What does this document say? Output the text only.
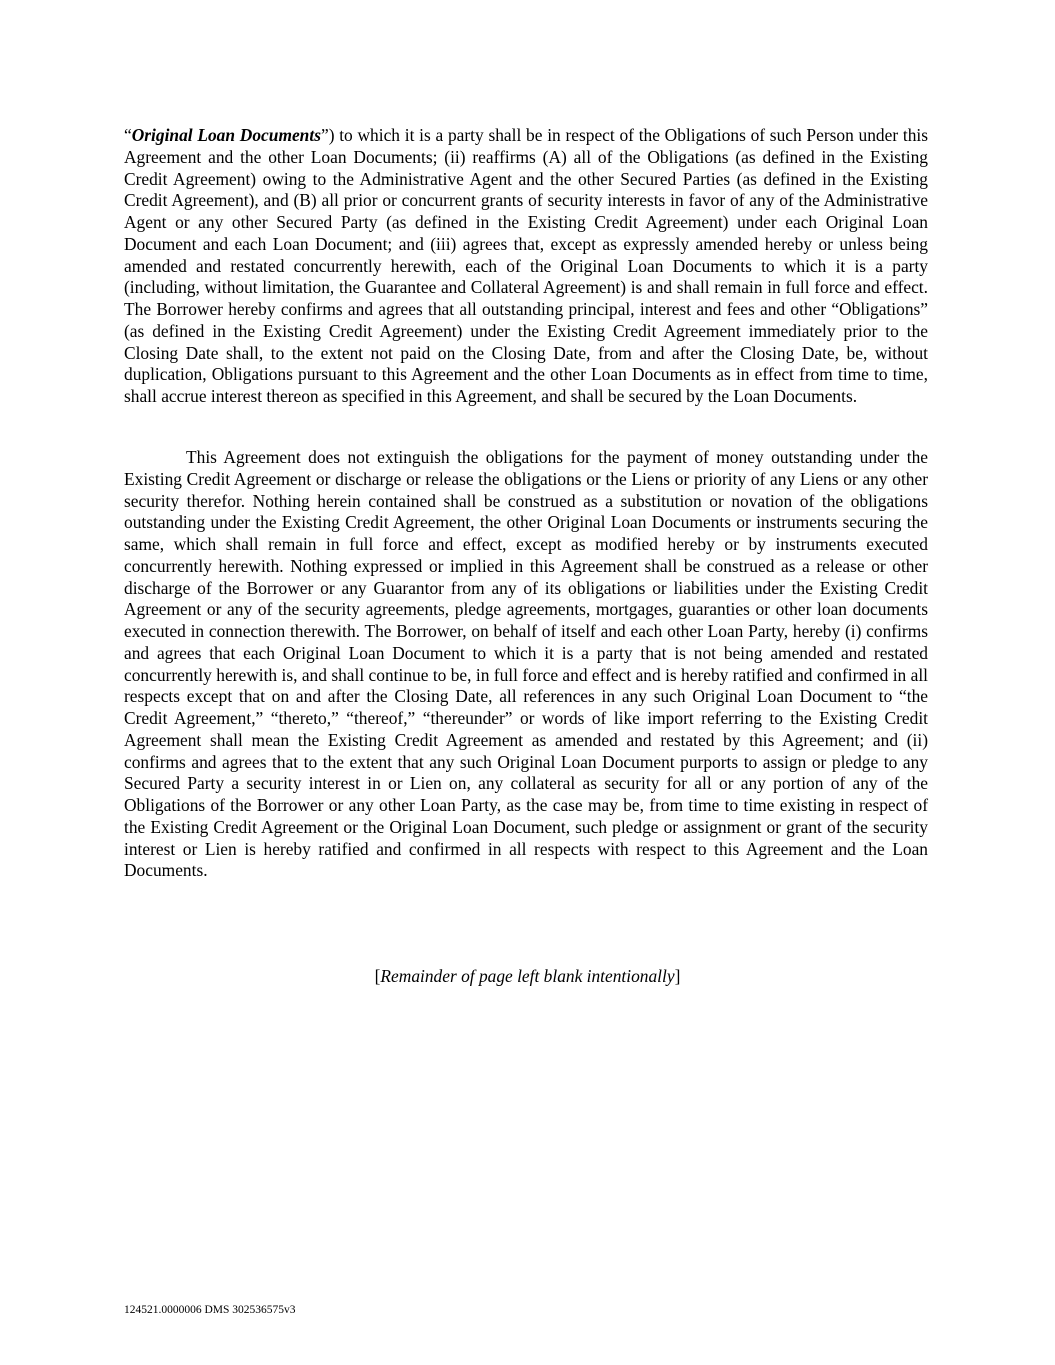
“Original Loan Documents”) to which it is a party shall be in respect of the Obligations of such Person under this Agreement and the other Loan Documents; (ii) reaffirms (A) all of the Obligations (as defined in the Existing Credit Agreement) owing to the Administrative Agent and the other Secured Parties (as defined in the Existing Credit Agreement), and (B) all prior or concurrent grants of security interests in favor of any of the Administrative Agent or any other Secured Party (as defined in the Existing Credit Agreement) under each Original Loan Document and each Loan Document; and (iii) agrees that, except as expressly amended hereby or unless being amended and restated concurrently herewith, each of the Original Loan Documents to which it is a party (including, without limitation, the Guarantee and Collateral Agreement) is and shall remain in full force and effect. The Borrower hereby confirms and agrees that all outstanding principal, interest and fees and other “Obligations” (as defined in the Existing Credit Agreement) under the Existing Credit Agreement immediately prior to the Closing Date shall, to the extent not paid on the Closing Date, from and after the Closing Date, be, without duplication, Obligations pursuant to this Agreement and the other Loan Documents as in effect from time to time, shall accrue interest thereon as specified in this Agreement, and shall be secured by the Loan Documents.

This Agreement does not extinguish the obligations for the payment of money outstanding under the Existing Credit Agreement or discharge or release the obligations or the Liens or priority of any Liens or any other security therefor. Nothing herein contained shall be construed as a substitution or novation of the obligations outstanding under the Existing Credit Agreement, the other Original Loan Documents or instruments securing the same, which shall remain in full force and effect, except as modified hereby or by instruments executed concurrently herewith. Nothing expressed or implied in this Agreement shall be construed as a release or other discharge of the Borrower or any Guarantor from any of its obligations or liabilities under the Existing Credit Agreement or any of the security agreements, pledge agreements, mortgages, guaranties or other loan documents executed in connection therewith. The Borrower, on behalf of itself and each other Loan Party, hereby (i) confirms and agrees that each Original Loan Document to which it is a party that is not being amended and restated concurrently herewith is, and shall continue to be, in full force and effect and is hereby ratified and confirmed in all respects except that on and after the Closing Date, all references in any such Original Loan Document to “the Credit Agreement,” “thereto,” “thereof,” “thereunder” or words of like import referring to the Existing Credit Agreement shall mean the Existing Credit Agreement as amended and restated by this Agreement; and (ii) confirms and agrees that to the extent that any such Original Loan Document purports to assign or pledge to any Secured Party a security interest in or Lien on, any collateral as security for all or any portion of any of the Obligations of the Borrower or any other Loan Party, as the case may be, from time to time existing in respect of the Existing Credit Agreement or the Original Loan Document, such pledge or assignment or grant of the security interest or Lien is hereby ratified and confirmed in all respects with respect to this Agreement and the Loan Documents.

[Remainder of page left blank intentionally]

124521.0000006 DMS 302536575v3
